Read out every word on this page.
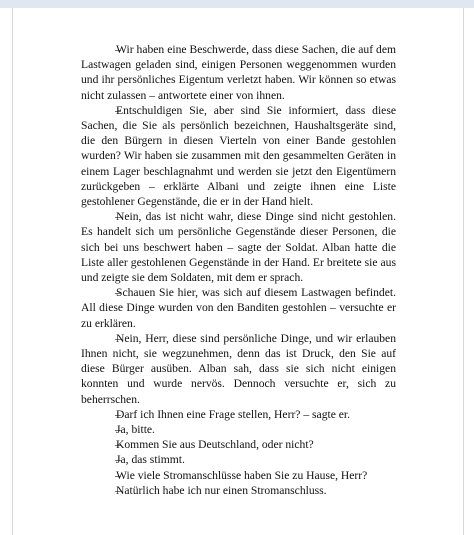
– Wir haben eine Beschwerde, dass diese Sachen, die auf dem Lastwagen geladen sind, einigen Personen weggenommen wurden und ihr persönliches Eigentum verletzt haben. Wir können so etwas nicht zulassen – antwortete einer von ihnen.

– Entschuldigen Sie, aber sind Sie informiert, dass diese Sachen, die Sie als persönlich bezeichnen, Haushaltsgeräte sind, die den Bürgern in diesen Vierteln von einer Bande gestohlen wurden? Wir haben sie zusammen mit den gesammelten Geräten in einem Lager beschlagnahmt und werden sie jetzt den Eigentümern zurückgeben – erklärte Albani und zeigte ihnen eine Liste gestohlener Gegenstände, die er in der Hand hielt.

– Nein, das ist nicht wahr, diese Dinge sind nicht gestohlen. Es handelt sich um persönliche Gegenstände dieser Personen, die sich bei uns beschwert haben – sagte der Soldat. Alban hatte die Liste aller gestohlenen Gegenstände in der Hand. Er breitete sie aus und zeigte sie dem Soldaten, mit dem er sprach.

– Schauen Sie hier, was sich auf diesem Lastwagen befindet. All diese Dinge wurden von den Banditen gestohlen – versuchte er zu erklären.

– Nein, Herr, diese sind persönliche Dinge, und wir erlauben Ihnen nicht, sie wegzunehmen, denn das ist Druck, den Sie auf diese Bürger ausüben. Alban sah, dass sie sich nicht einigen konnten und wurde nervös. Dennoch versuchte er, sich zu beherrschen.

– Darf ich Ihnen eine Frage stellen, Herr? – sagte er.

– Ja, bitte.

– Kommen Sie aus Deutschland, oder nicht?

– Ja, das stimmt.

– Wie viele Stromanschlüsse haben Sie zu Hause, Herr?

– Natürlich habe ich nur einen Stromanschluss.
